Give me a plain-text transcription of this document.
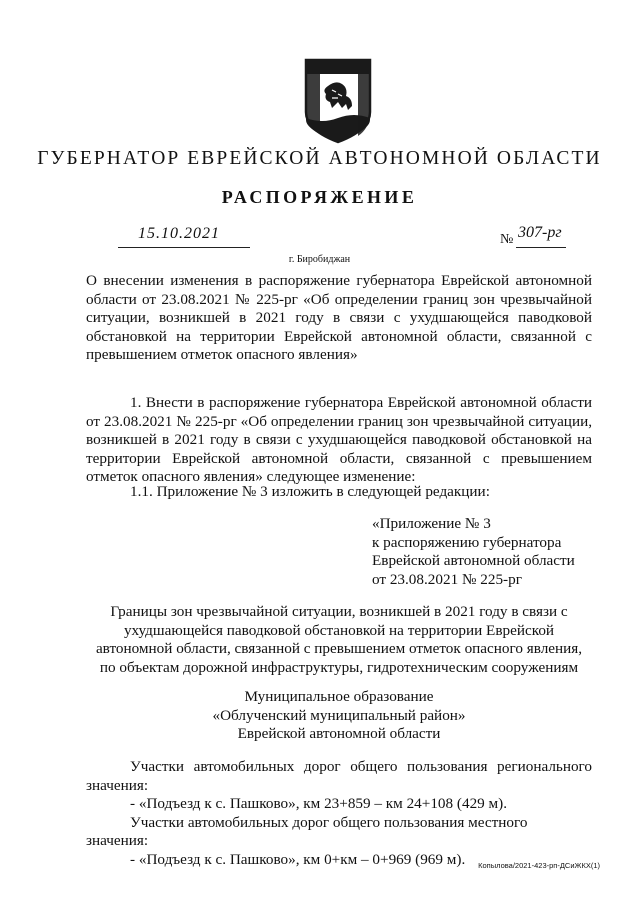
ГУБЕРНАТОР ЕВРЕЙСКОЙ АВТОНОМНОЙ ОБЛАСТИ
РАСПОРЯЖЕНИЕ
15.10.2021	№ 307-рг
г. Биробиджан
О внесении изменения в распоряжение губернатора Еврейской автономной области от 23.08.2021 № 225-рг «Об определении границ зон чрезвычайной ситуации, возникшей в 2021 году в связи с ухудшающейся паводковой обстановкой на территории Еврейской автономной области, связанной с превышением отметок опасного явления»
1. Внести в распоряжение губернатора Еврейской автономной области от 23.08.2021 № 225-рг «Об определении границ зон чрезвычайной ситуации, возникшей в 2021 году в связи с ухудшающейся паводковой обстановкой на территории Еврейской автономной области, связанной с превышением отметок опасного явления» следующее изменение:
1.1. Приложение № 3 изложить в следующей редакции:
«Приложение № 3
к распоряжению губернатора
Еврейской автономной области
от 23.08.2021 № 225-рг
Границы зон чрезвычайной ситуации, возникшей в 2021 году в связи с
ухудшающейся паводковой обстановкой на территории Еврейской
автономной области, связанной с превышением отметок опасного явления,
по объектам дорожной инфраструктуры, гидротехническим сооружениям
Муниципальное образование
«Облученский муниципальный район»
Еврейской автономной области
Участки автомобильных дорог общего пользования регионального значения:
- «Подъезд к с. Пашково», км 23+859 – км 24+108 (429 м).
Участки автомобильных дорог общего пользования местного значения:
- «Подъезд к с. Пашково», км 0+км – 0+969 (969 м).	Копылова/2021-423-рп-ДСиЖКХ(1)
